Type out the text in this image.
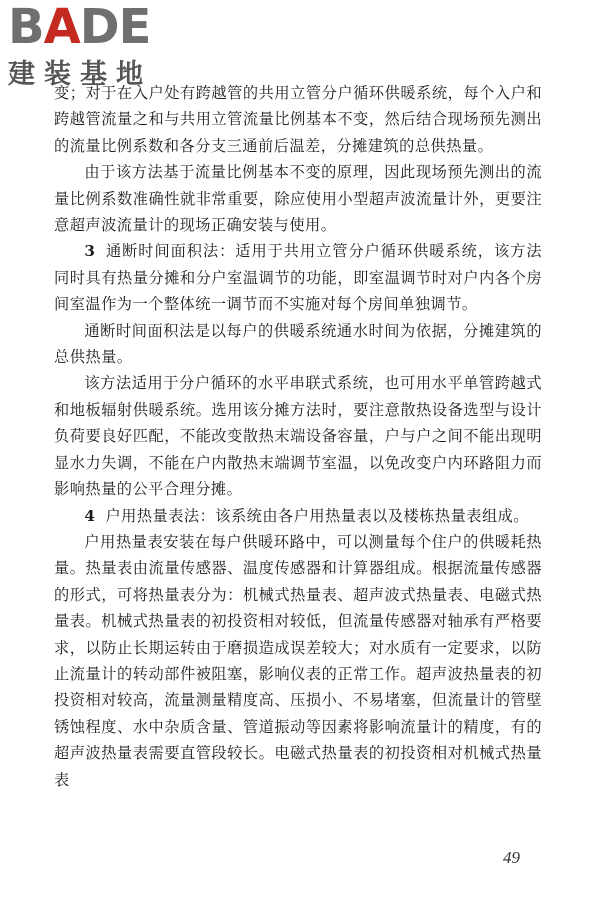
BADE
建装基地

变；对于在入户处有跨越管的共用立管分户循环供暖系统，每个入户和跨越管流量之和与共用立管流量比例基本不变，然后结合现场预先测出的流量比例系数和各分支三通前后温差，分摊建筑的总供热量。

由于该方法基于流量比例基本不变的原理，因此现场预先测出的流量比例系数准确性就非常重要，除应使用小型超声波流量计外，更要注意超声波流量计的现场正确安装与使用。

3 通断时间面积法：适用于共用立管分户循环供暖系统，该方法同时具有热量分摊和分户室温调节的功能，即室温调节时对户内各个房间室温作为一个整体统一调节而不实施对每个房间单独调节。

通断时间面积法是以每户的供暖系统通水时间为依据，分摊建筑的总供热量。

该方法适用于分户循环的水平串联式系统，也可用水平单管跨越式和地板辐射供暖系统。选用该分摊方法时，要注意散热设备选型与设计负荷要良好匹配，不能改变散热末端设备容量，户与户之间不能出现明显水力失调，不能在户内散热末端调节室温，以免改变户内环路阻力而影响热量的公平合理分摊。

4 户用热量表法：该系统由各户用热量表以及楼栋热量表组成。

户用热量表安装在每户供暖环路中，可以测量每个住户的供暖耗热量。热量表由流量传感器、温度传感器和计算器组成。根据流量传感器的形式，可将热量表分为：机械式热量表、超声波式热量表、电磁式热量表。机械式热量表的初投资相对较低，但流量传感器对轴承有严格要求，以防止长期运转由于磨损造成误差较大；对水质有一定要求，以防止流量计的转动部件被阻塞，影响仪表的正常工作。超声波热量表的初投资相对较高，流量测量精度高、压损小、不易堵塞，但流量计的管壁锈蚀程度、水中杂质含量、管道振动等因素将影响流量计的精度，有的超声波热量表需要直管段较长。电磁式热量表的初投资相对机械式热量表

49
